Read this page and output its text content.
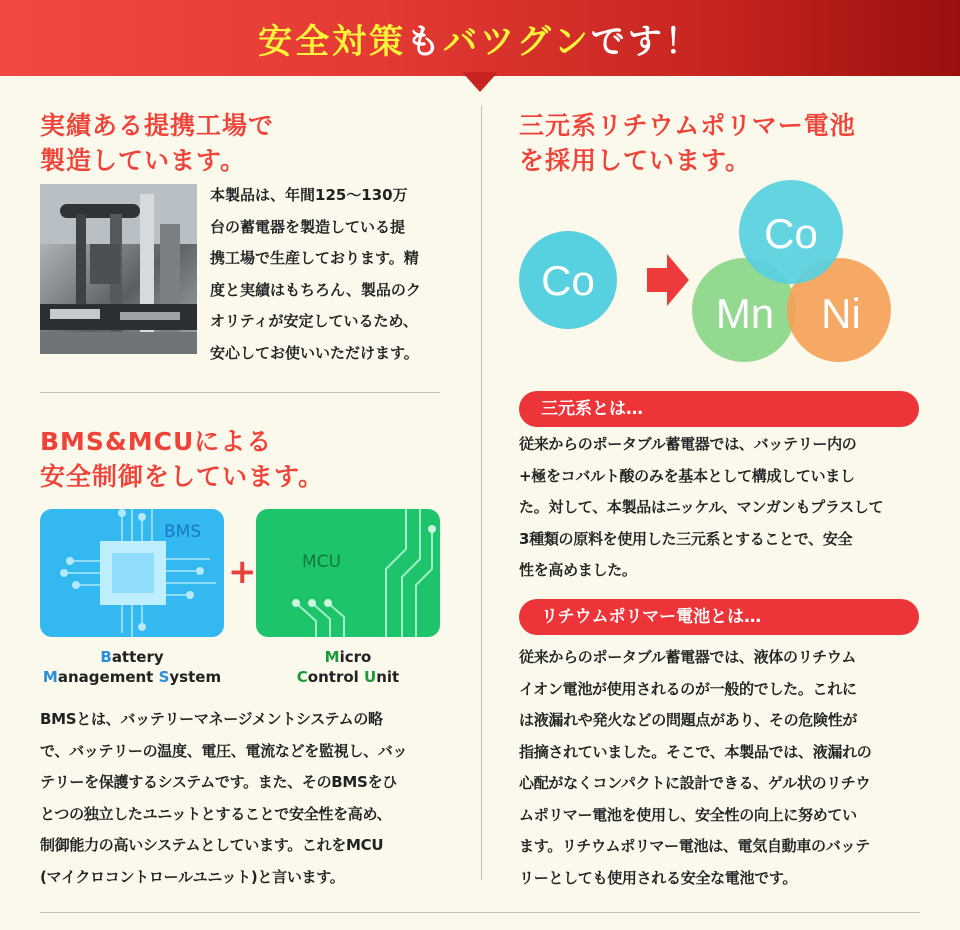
安全対策もバツグンです！
実績ある提携工場で
製造しています。
本製品は、年間125〜130万
台の蓄電器を製造している提
携工場で生産しております。精
度と実績はもちろん、製品のク
オリティが安定しているため、
安心してお使いいただけます。
BMS&MCUによる
安全制御をしています。
BMS
+	MCU
Battery
Management System
Micro
Control Unit
BMSとは、バッテリーマネージメントシステムの略
で、バッテリーの温度、電圧、電流などを監視し、バッ
テリーを保護するシステムです。また、そのBMSをひ
とつの独立したユニットとすることで安全性を高め、
制御能力の高いシステムとしています。これをMCU
(マイクロコントロールユニット)と言います。
三元系リチウムポリマー電池
を採用しています。
Co
Co
Mn Ni
三元系とは…
従来からのポータブル蓄電器では、バッテリー内の
+極をコバルト酸のみを基本として構成していまし
た。対して、本製品はニッケル、マンガンもプラスして
3種類の原料を使用した三元系とすることで、安全
性を高めました。
リチウムポリマー電池とは…
従来からのポータブル蓄電器では、液体のリチウム
イオン電池が使用されるのが一般的でした。これに
は液漏れや発火などの問題点があり、その危険性が
指摘されていました。そこで、本製品では、液漏れの
心配がなくコンパクトに設計できる、ゲル状のリチウ
ムポリマー電池を使用し、安全性の向上に努めてい
ます。リチウムポリマー電池は、電気自動車のバッテ
リーとしても使用される安全な電池です。
